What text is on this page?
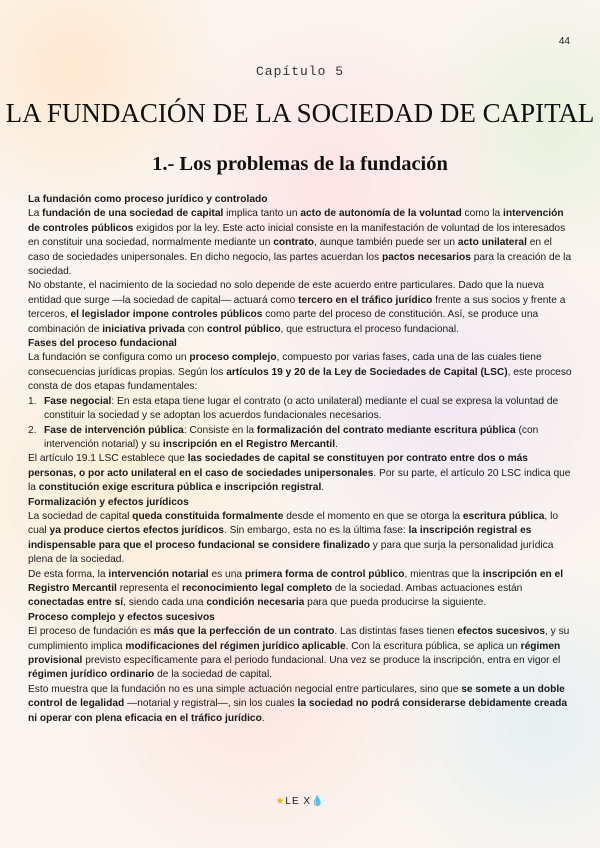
44
Capítulo 5
LA FUNDACIÓN DE LA SOCIEDAD DE CAPITAL
1.- Los problemas de la fundación

La fundación como proceso jurídico y controlado

La fundación de una sociedad de capital implica tanto un acto de autonomía de la voluntad como la intervención de controles públicos exigidos por la ley. Este acto inicial consiste en la manifestación de voluntad de los interesados en constituir una sociedad, normalmente mediante un contrato, aunque también puede ser un acto unilateral en el caso de sociedades unipersonales. En dicho negocio, las partes acuerdan los pactos necesarios para la creación de la sociedad.

No obstante, el nacimiento de la sociedad no solo depende de este acuerdo entre particulares. Dado que la nueva entidad que surge —la sociedad de capital— actuará como tercero en el tráfico jurídico frente a sus socios y frente a terceros, el legislador impone controles públicos como parte del proceso de constitución. Así, se produce una combinación de iniciativa privada con control público, que estructura el proceso fundacional.

Fases del proceso fundacional

La fundación se configura como un proceso complejo, compuesto por varias fases, cada una de las cuales tiene consecuencias jurídicas propias. Según los artículos 19 y 20 de la Ley de Sociedades de Capital (LSC), este proceso consta de dos etapas fundamentales:

1. Fase negocial: En esta etapa tiene lugar el contrato (o acto unilateral) mediante el cual se expresa la voluntad de constituir la sociedad y se adoptan los acuerdos fundacionales necesarios.
2. Fase de intervención pública: Consiste en la formalización del contrato mediante escritura pública (con intervención notarial) y su inscripción en el Registro Mercantil.

El artículo 19.1 LSC establece que las sociedades de capital se constituyen por contrato entre dos o más personas, o por acto unilateral en el caso de sociedades unipersonales. Por su parte, el artículo 20 LSC indica que la constitución exige escritura pública e inscripción registral.

Formalización y efectos jurídicos

La sociedad de capital queda constituida formalmente desde el momento en que se otorga la escritura pública, lo cual ya produce ciertos efectos jurídicos. Sin embargo, esta no es la última fase: la inscripción registral es indispensable para que el proceso fundacional se considere finalizado y para que surja la personalidad jurídica plena de la sociedad.

De esta forma, la intervención notarial es una primera forma de control público, mientras que la inscripción en el Registro Mercantil representa el reconocimiento legal completo de la sociedad. Ambas actuaciones están conectadas entre sí, siendo cada una condición necesaria para que pueda producirse la siguiente.

Proceso complejo y efectos sucesivos

El proceso de fundación es más que la perfección de un contrato. Las distintas fases tienen efectos sucesivos, y su cumplimiento implica modificaciones del régimen jurídico aplicable. Con la escritura pública, se aplica un régimen provisional previsto específicamente para el periodo fundacional. Una vez se produce la inscripción, entra en vigor el régimen jurídico ordinario de la sociedad de capital.

Esto muestra que la fundación no es una simple actuación negocial entre particulares, sino que se somete a un doble control de legalidad —notarial y registral—, sin los cuales la sociedad no podrá considerarse debidamente creada ni operar con plena eficacia en el tráfico jurídico.

★LE X💧
